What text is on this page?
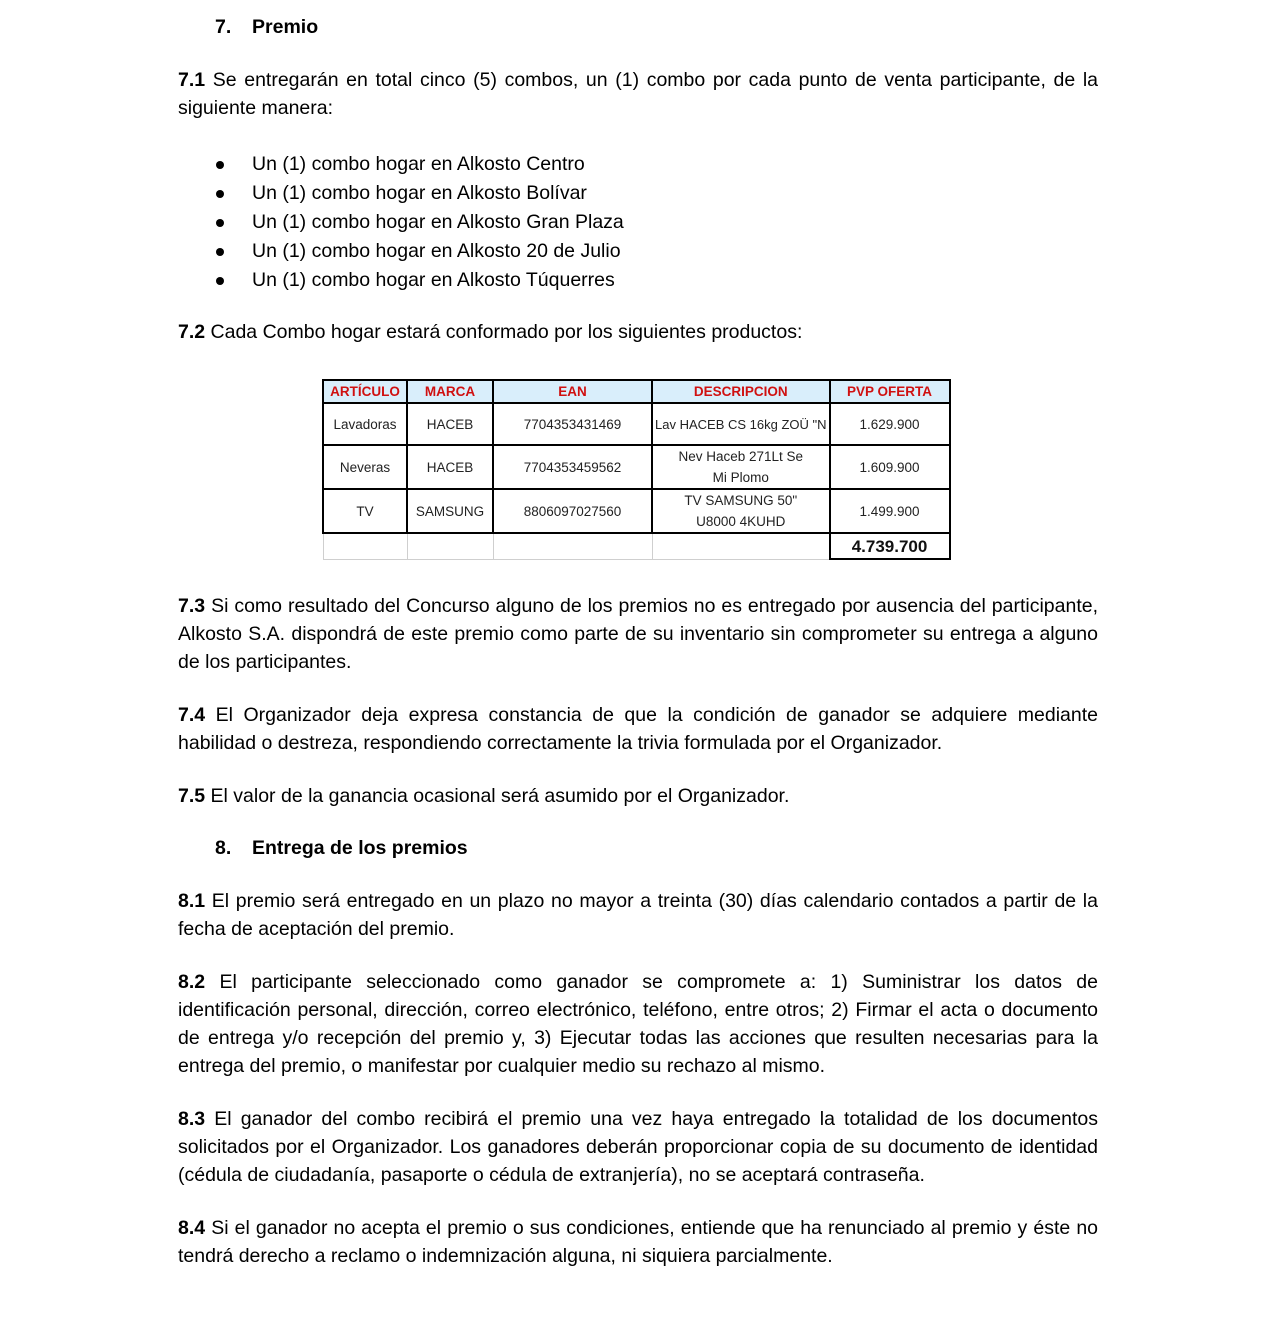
7. Premio

7.1 Se entregarán en total cinco (5) combos, un (1) combo por cada punto de venta participante, de la siguiente manera:

Un (1) combo hogar en Alkosto Centro
Un (1) combo hogar en Alkosto Bolívar
Un (1) combo hogar en Alkosto Gran Plaza
Un (1) combo hogar en Alkosto 20 de Julio
Un (1) combo hogar en Alkosto Túquerres

7.2 Cada Combo hogar estará conformado por los siguientes productos:

ARTÍCULO	MARCA	EAN	DESCRIPCION	PVP OFERTA
Lavadoras	HACEB	7704353431469	Lav HACEB CS 16kg ZOÜ "N	1.629.900
Neveras	HACEB	7704353459562	Nev Haceb 271Lt Se Mi Plomo	1.609.900
TV	SAMSUNG	8806097027560	TV SAMSUNG 50" U8000 4KUHD	1.499.900
				4.739.700

7.3 Si como resultado del Concurso alguno de los premios no es entregado por ausencia del participante, Alkosto S.A. dispondrá de este premio como parte de su inventario sin comprometer su entrega a alguno de los participantes.

7.4 El Organizador deja expresa constancia de que la condición de ganador se adquiere mediante habilidad o destreza, respondiendo correctamente la trivia formulada por el Organizador.

7.5 El valor de la ganancia ocasional será asumido por el Organizador.

8. Entrega de los premios

8.1 El premio será entregado en un plazo no mayor a treinta (30) días calendario contados a partir de la fecha de aceptación del premio.

8.2 El participante seleccionado como ganador se compromete a: 1) Suministrar los datos de identificación personal, dirección, correo electrónico, teléfono, entre otros; 2) Firmar el acta o documento de entrega y/o recepción del premio y, 3) Ejecutar todas las acciones que resulten necesarias para la entrega del premio, o manifestar por cualquier medio su rechazo al mismo.

8.3 El ganador del combo recibirá el premio una vez haya entregado la totalidad de los documentos solicitados por el Organizador. Los ganadores deberán proporcionar copia de su documento de identidad (cédula de ciudadanía, pasaporte o cédula de extranjería), no se aceptará contraseña.

8.4 Si el ganador no acepta el premio o sus condiciones, entiende que ha renunciado al premio y éste no tendrá derecho a reclamo o indemnización alguna, ni siquiera parcialmente.
